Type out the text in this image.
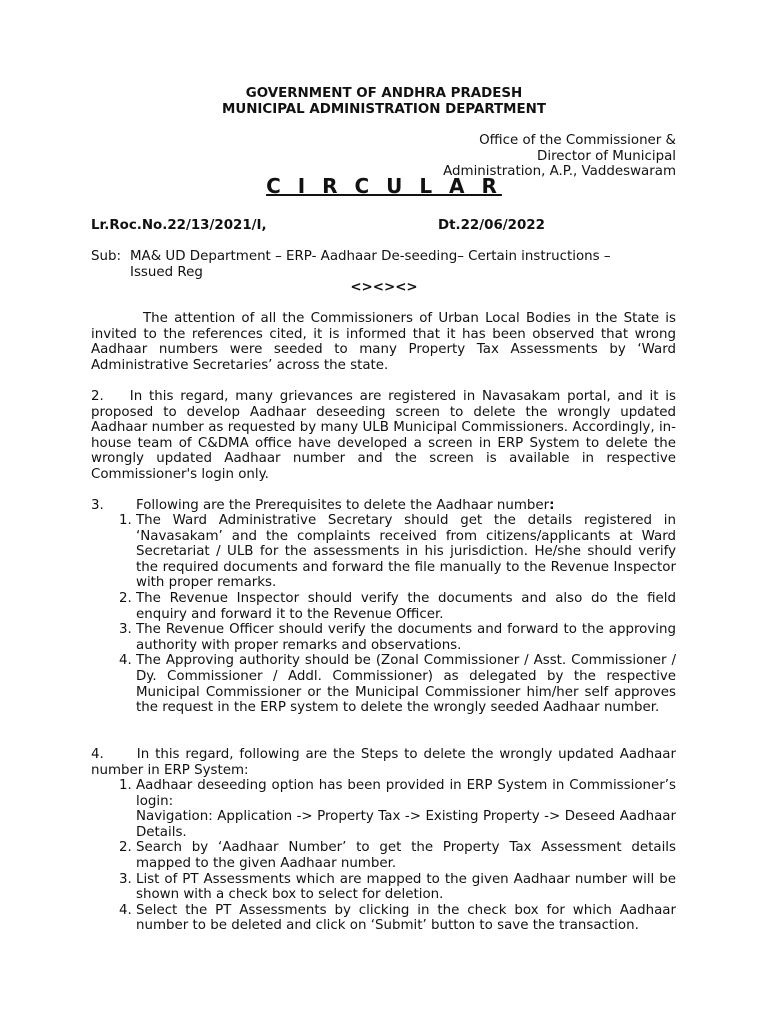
GOVERNMENT OF ANDHRA PRADESH
MUNICIPAL ADMINISTRATION DEPARTMENT
Office of the Commissioner &
Director of Municipal
Administration, A.P., Vaddeswaram
C I R C U L A R
Lr.Roc.No.22/13/2021/I,	Dt.22/06/2022
Sub: MA& UD Department – ERP- Aadhaar De-seeding– Certain instructions –
Issued Reg
<><><>

The attention of all the Commissioners of Urban Local Bodies in the State is invited to the references cited, it is informed that it has been observed that wrong Aadhaar numbers were seeded to many Property Tax Assessments by ‘Ward Administrative Secretaries’ across the state.

2. In this regard, many grievances are registered in Navasakam portal, and it is proposed to develop Aadhaar deseeding screen to delete the wrongly updated Aadhaar number as requested by many ULB Municipal Commissioners. Accordingly, in-house team of C&DMA office have developed a screen in ERP System to delete the wrongly updated Aadhaar number and the screen is available in respective Commissioner's login only.

3. Following are the Prerequisites to delete the Aadhaar number:
1. The Ward Administrative Secretary should get the details registered in ‘Navasakam’ and the complaints received from citizens/applicants at Ward Secretariat / ULB for the assessments in his jurisdiction. He/she should verify the required documents and forward the file manually to the Revenue Inspector with proper remarks.
2. The Revenue Inspector should verify the documents and also do the field enquiry and forward it to the Revenue Officer.
3. The Revenue Officer should verify the documents and forward to the approving authority with proper remarks and observations.
4. The Approving authority should be (Zonal Commissioner / Asst. Commissioner / Dy. Commissioner / Addl. Commissioner) as delegated by the respective Municipal Commissioner or the Municipal Commissioner him/her self approves the request in the ERP system to delete the wrongly seeded Aadhaar number.

4. In this regard, following are the Steps to delete the wrongly updated Aadhaar number in ERP System:

1. Aadhaar deseeding option has been provided in ERP System in Commissioner’s login:
Navigation: Application -> Property Tax -> Existing Property -> Deseed Aadhaar Details.
2. Search by ‘Aadhaar Number’ to get the Property Tax Assessment details mapped to the given Aadhaar number.
3. List of PT Assessments which are mapped to the given Aadhaar number will be shown with a check box to select for deletion.
4. Select the PT Assessments by clicking in the check box for which Aadhaar number to be deleted and click on ‘Submit’ button to save the transaction.
